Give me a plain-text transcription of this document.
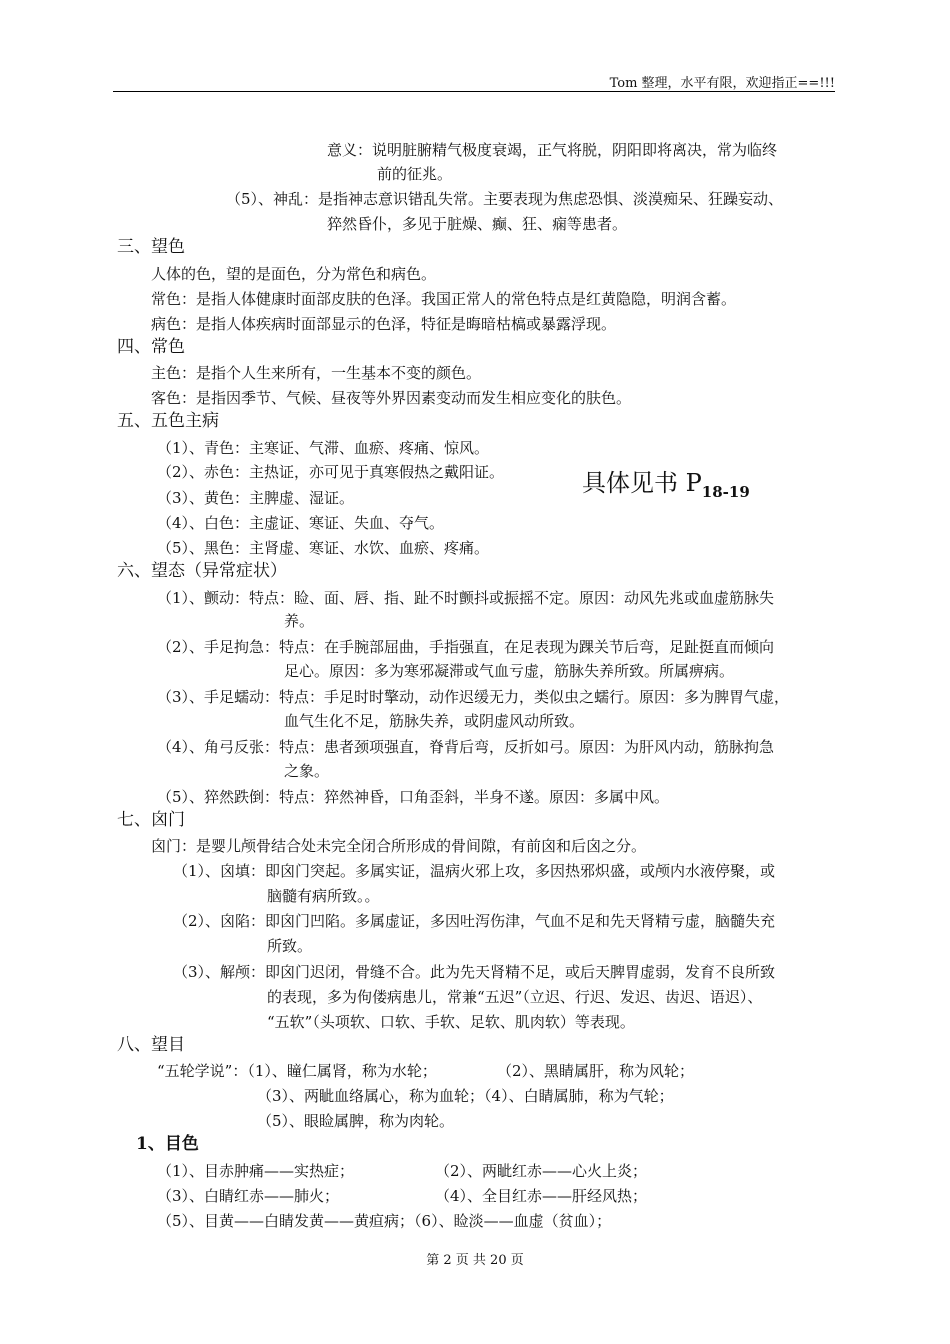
Tom 整理，水平有限，欢迎指正==!!!
意义：说明脏腑精气极度衰竭，正气将脱，阴阳即将离决，常为临终
前的征兆。
（5）、神乱：是指神志意识错乱失常。主要表现为焦虑恐惧、淡漠痴呆、狂躁妄动、
猝然昏仆，多见于脏燥、癫、狂、痫等患者。
三、望色
人体的色，望的是面色，分为常色和病色。
常色：是指人体健康时面部皮肤的色泽。我国正常人的常色特点是红黄隐隐，明润含蓄。
病色：是指人体疾病时面部显示的色泽，特征是晦暗枯槁或暴露浮现。
四、常色
主色：是指个人生来所有，一生基本不变的颜色。
客色：是指因季节、气候、昼夜等外界因素变动而发生相应变化的肤色。
五、五色主病
（1）、青色：主寒证、气滞、血瘀、疼痛、惊风。
（2）、赤色：主热证，亦可见于真寒假热之戴阳证。
（3）、黄色：主脾虚、湿证。
（4）、白色：主虚证、寒证、失血、夺气。
（5）、黑色：主肾虚、寒证、水饮、血瘀、疼痛。
具体见书 $P_{18-19}$
六、望态（异常症状）
（1）、颤动：特点：睑、面、唇、指、趾不时颤抖或振摇不定。原因：动风先兆或血虚筋脉失
养。
（2）、手足拘急：特点：在手腕部屈曲，手指强直，在足表现为踝关节后弯，足趾挺直而倾向
足心。原因：多为寒邪凝滞或气血亏虚，筋脉失养所致。所属痹病。
（3）、手足蠕动：特点：手足时时擎动，动作迟缓无力，类似虫之蠕行。原因：多为脾胃气虚，
血气生化不足，筋脉失养，或阴虚风动所致。
（4）、角弓反张：特点：患者颈项强直，脊背后弯，反折如弓。原因：为肝风内动，筋脉拘急
之象。
（5）、猝然跌倒：特点：猝然神昏，口角歪斜，半身不遂。原因：多属中风。
七、囟门
囟门：是婴儿颅骨结合处未完全闭合所形成的骨间隙，有前囟和后囟之分。
（1）、囟填：即囟门突起。多属实证，温病火邪上攻，多因热邪炽盛，或颅内水液停聚，或
脑髓有病所致。。
（2）、囟陷：即囟门凹陷。多属虚证，多因吐泻伤津，气血不足和先天肾精亏虚，脑髓失充
所致。
（3）、解颅：即囟门迟闭，骨缝不合。此为先天肾精不足，或后天脾胃虚弱，发育不良所致
的表现，多为佝偻病患儿，常兼“五迟”（立迟、行迟、发迟、齿迟、语迟）、
“五软”（头项软、口软、手软、足软、肌肉软）等表现。
八、望目
“五轮学说”：（1）、瞳仁属肾，称为水轮；	（2）、黑睛属肝，称为风轮；
（3）、两眦血络属心，称为血轮；（4）、白睛属肺，称为气轮；
（5）、眼睑属脾，称为肉轮。
1、目色
（1）、目赤肿痛——实热症；	（2）、两眦红赤——心火上炎；
（3）、白睛红赤——肺火；	（4）、全目红赤——肝经风热；
（5）、目黄——白睛发黄——黄疸病；（6）、睑淡——血虚（贫血）；
第 2 页 共 20 页
